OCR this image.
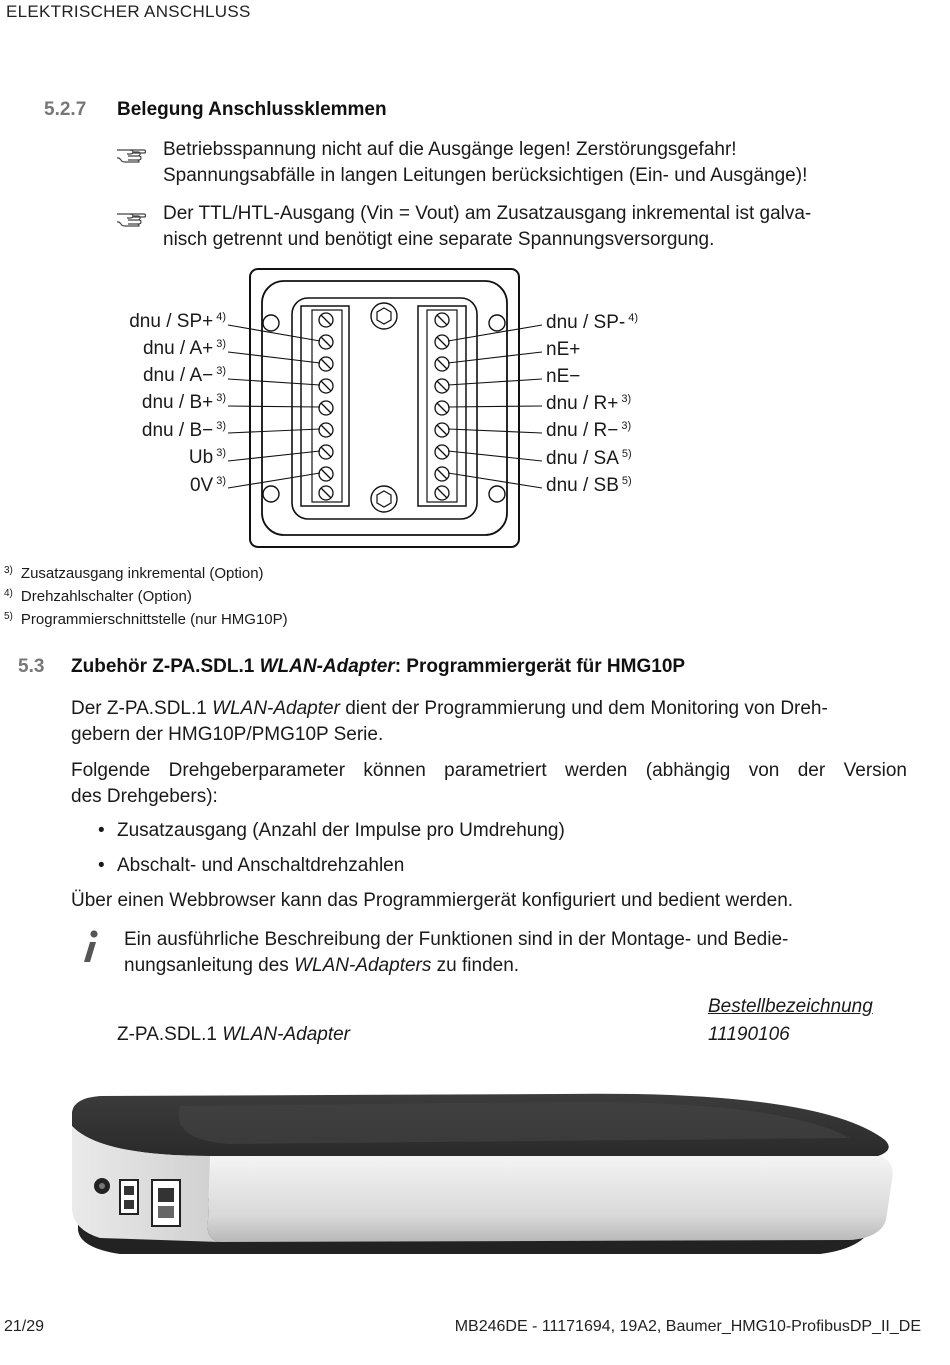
ELEKTRISCHER ANSCHLUSS
5.2.7 Belegung Anschlussklemmen
Betriebsspannung nicht auf die Ausgänge legen! Zerstörungsgefahr!
Spannungsabfälle in langen Leitungen berücksichtigen (Ein- und Ausgänge)!
Der TTL/HTL-Ausgang (Vin = Vout) am Zusatzausgang inkremental ist galva-
nisch getrennt und benötigt eine separate Spannungsversorgung.
dnu / SP+ $^{4)}$
dnu / A+ $^{3)}$
dnu / A− $^{3)}$
dnu / B+ $^{3)}$
dnu / B− $^{3)}$
Ub $^{3)}$
0V $^{3)}$
dnu / SP- $^{4)}$
nE+
nE−
dnu / R+ $^{3)}$
dnu / R− $^{3)}$
dnu / SA $^{5)}$
dnu / SB $^{5)}$
$^{3)}$ Zusatzausgang inkremental (Option)
$^{4)}$ Drehzahlschalter (Option)
$^{5)}$ Programmierschnittstelle (nur HMG10P)
5.3 Zubehör Z-PA.SDL.1 WLAN-Adapter: Programmiergerät für HMG10P
Der Z-PA.SDL.1 WLAN-Adapter dient der Programmierung und dem Monitoring von Dreh-
gebern der HMG10P/PMG10P Serie.
Folgende Drehgeberparameter können parametriert werden (abhängig von der Version
des Drehgebers):
• Zusatzausgang (Anzahl der Impulse pro Umdrehung)
• Abschalt- und Anschaltdrehzahlen
Über einen Webbrowser kann das Programmiergerät konfiguriert und bedient werden.
Ein ausführliche Beschreibung der Funktionen sind in der Montage- und Bedie-
nungsanleitung des WLAN-Adapters zu finden.
Bestellbezeichnung
Z-PA.SDL.1 WLAN-Adapter	11190106
21/29	MB246DE - 11171694, 19A2, Baumer_HMG10-ProfibusDP_II_DE
